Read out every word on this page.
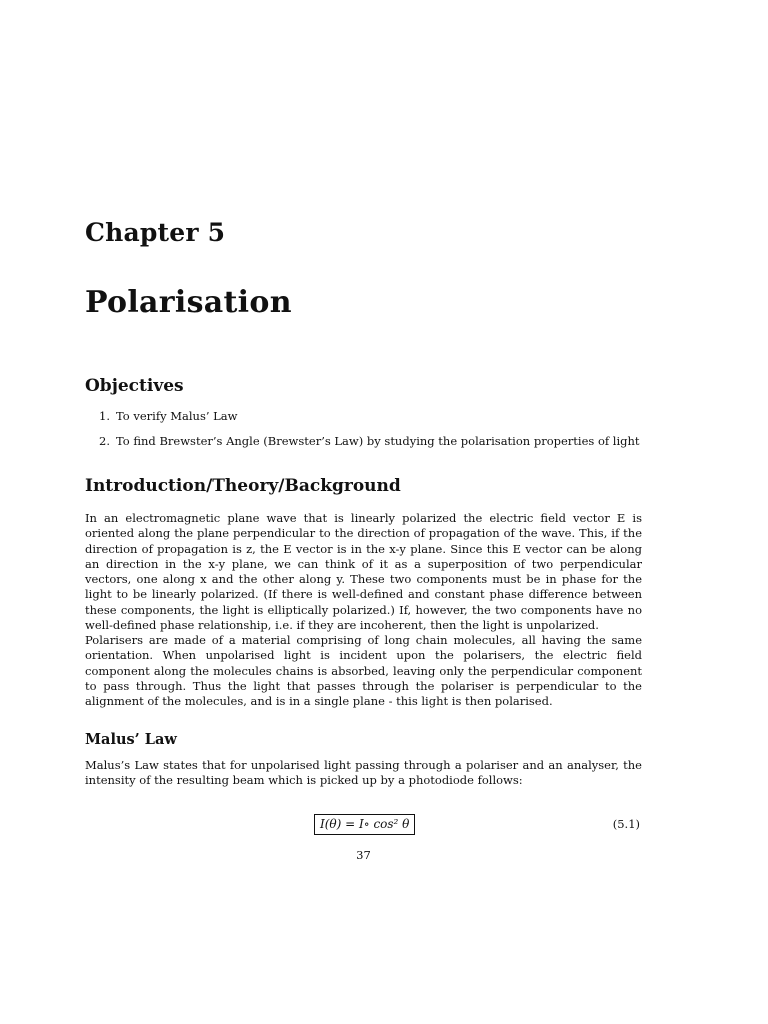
Chapter 5
Polarisation
Objectives
1. To verify Malus’ Law
2. To find Brewster’s Angle (Brewster’s Law) by studying the polarisation properties of light
Introduction/Theory/Background

In an electromagnetic plane wave that is linearly polarized the electric field vector E is oriented along the plane perpendicular to the direction of propagation of the wave. This, if the direction of propagation is z, the E vector is in the x-y plane. Since this E vector can be along an direction in the x-y plane, we can think of it as a superposition of two perpendicular vectors, one along x and the other along y. These two components must be in phase for the light to be linearly polarized. (If there is well-defined and constant phase difference between these components, the light is elliptically polarized.) If, however, the two components have no well-defined phase relationship, i.e. if they are incoherent, then the light is unpolarized.

Polarisers are made of a material comprising of long chain molecules, all having the same orientation. When unpolarised light is incident upon the polarisers, the electric field component along the molecules chains is absorbed, leaving only the perpendicular component to pass through. Thus the light that passes through the polariser is perpendicular to the alignment of the molecules, and is in a single plane - this light is then polarised.

Malus’ Law

Malus’s Law states that for unpolarised light passing through a polariser and an analyser, the intensity of the resulting beam which is picked up by a photodiode follows:

I(θ) = I∘ cos² θ	(5.1)
37
